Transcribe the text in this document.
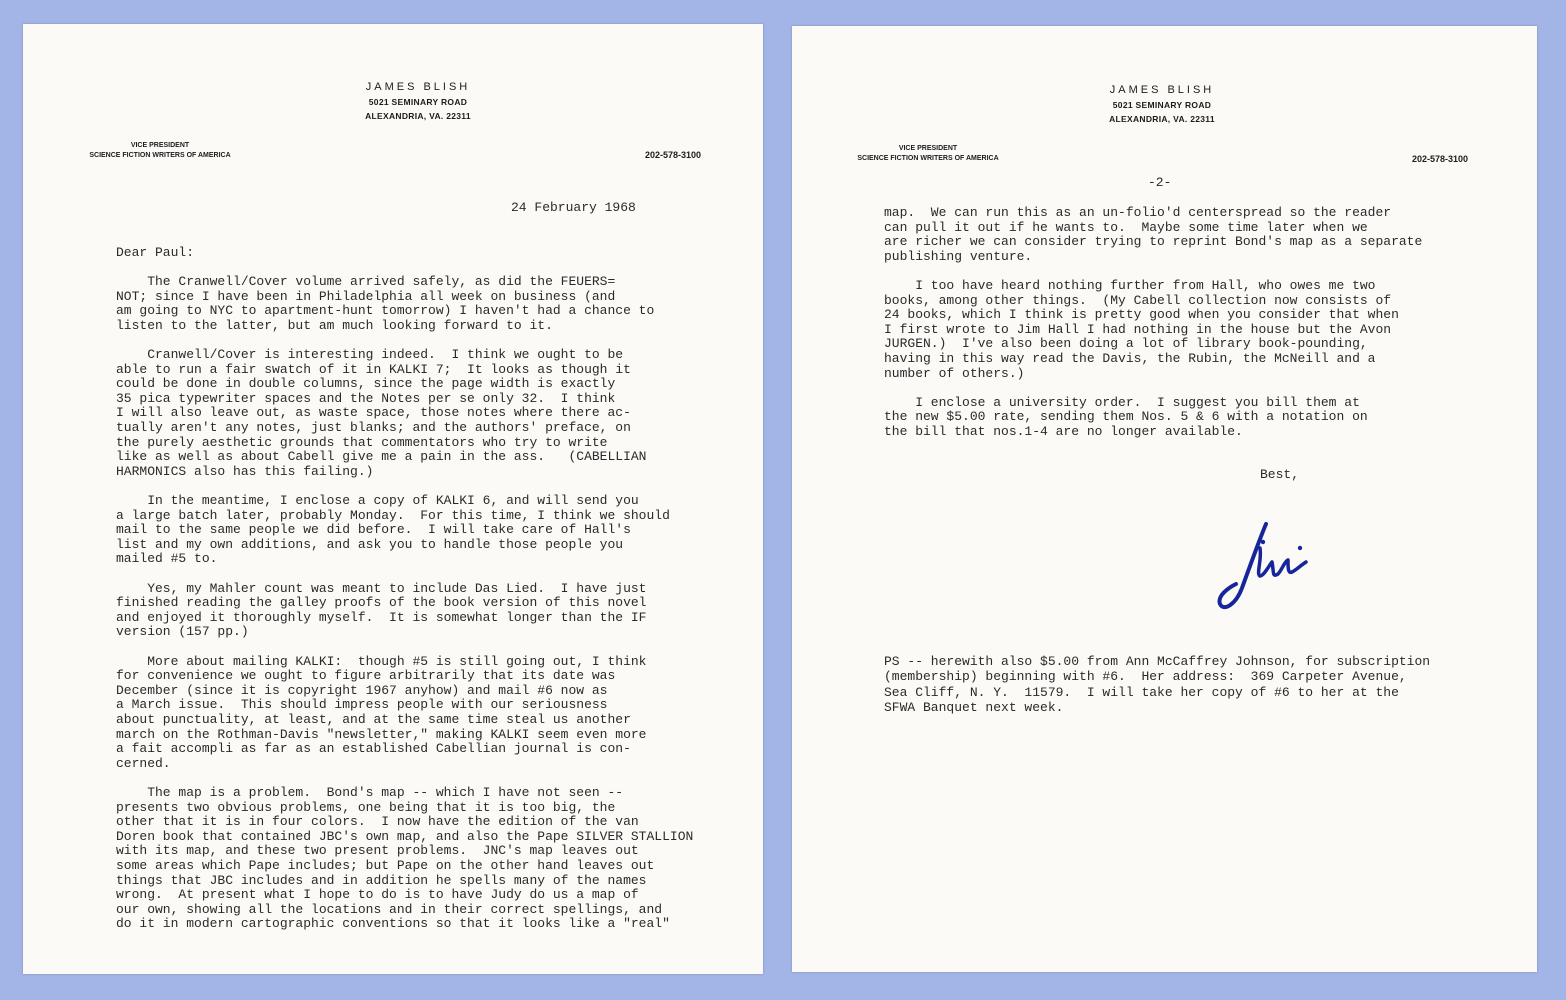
JAMES BLISH
5021 SEMINARY ROAD
ALEXANDRIA, VA. 22311
VICE PRESIDENT
SCIENCE FICTION WRITERS OF AMERICA	202-578-3100
24 February 1968
Dear Paul:
The Cranwell/Cover volume arrived safely, as did the FEUERS=
NOT; since I have been in Philadelphia all week on business (and
am going to NYC to apartment-hunt tomorrow) I haven't had a chance to
listen to the latter, but am much looking forward to it.
Cranwell/Cover is interesting indeed.  I think we ought to be
able to run a fair swatch of it in KALKI 7;  It looks as though it
could be done in double columns, since the page width is exactly
35 pica typewriter spaces and the Notes per se only 32.  I think
I will also leave out, as waste space, those notes where there ac-
tually aren't any notes, just blanks; and the authors' preface, on
the purely aesthetic grounds that commentators who try to write
like as well as about Cabell give me a pain in the ass.   (CABELLIAN
HARMONICS also has this failing.)
In the meantime, I enclose a copy of KALKI 6, and will send you
a large batch later, probably Monday.  For this time, I think we should
mail to the same people we did before.  I will take care of Hall's
list and my own additions, and ask you to handle those people you
mailed #5 to.
Yes, my Mahler count was meant to include Das Lied.  I have just
finished reading the galley proofs of the book version of this novel
and enjoyed it thoroughly myself.  It is somewhat longer than the IF
version (157 pp.)
More about mailing KALKI:  though #5 is still going out, I think
for convenience we ought to figure arbitrarily that its date was
December (since it is copyright 1967 anyhow) and mail #6 now as
a March issue.  This should impress people with our seriousness
about punctuality, at least, and at the same time steal us another
march on the Rothman-Davis "newsletter," making KALKI seem even more
a fait accompli as far as an established Cabellian journal is con-
cerned.
The map is a problem.  Bond's map -- which I have not seen --
presents two obvious problems, one being that it is too big, the
other that it is in four colors.  I now have the edition of the van
Doren book that contained JBC's own map, and also the Pape SILVER STALLION
with its map, and these two present problems.  JNC's map leaves out
some areas which Pape includes; but Pape on the other hand leaves out
things that JBC includes and in addition he spells many of the names
wrong.  At present what I hope to do is to have Judy do us a map of
our own, showing all the locations and in their correct spellings, and
do it in modern cartographic conventions so that it looks like a "real"
JAMES BLISH
5021 SEMINARY ROAD
ALEXANDRIA, VA. 22311
VICE PRESIDENT
SCIENCE FICTION WRITERS OF AMERICA	202-578-3100
-2-
map.  We can run this as an un-folio'd centerspread so the reader
can pull it out if he wants to.  Maybe some time later when we
are richer we can consider trying to reprint Bond's map as a separate
publishing venture.
I too have heard nothing further from Hall, who owes me two
books, among other things.  (My Cabell collection now consists of
24 books, which I think is pretty good when you consider that when
I first wrote to Jim Hall I had nothing in the house but the Avon
JURGEN.)  I've also been doing a lot of library book-pounding,
having in this way read the Davis, the Rubin, the McNeill and a
number of others.)
I enclose a university order.  I suggest you bill them at
the new $5.00 rate, sending them Nos. 5 & 6 with a notation on
the bill that nos.1-4 are no longer available.
Best,
PS -- herewith also $5.00 from Ann McCaffrey Johnson, for subscription
(membership) beginning with #6.  Her address:  369 Carpeter Avenue,
Sea Cliff, N. Y.  11579.  I will take her copy of #6 to her at the
SFWA Banquet next week.
